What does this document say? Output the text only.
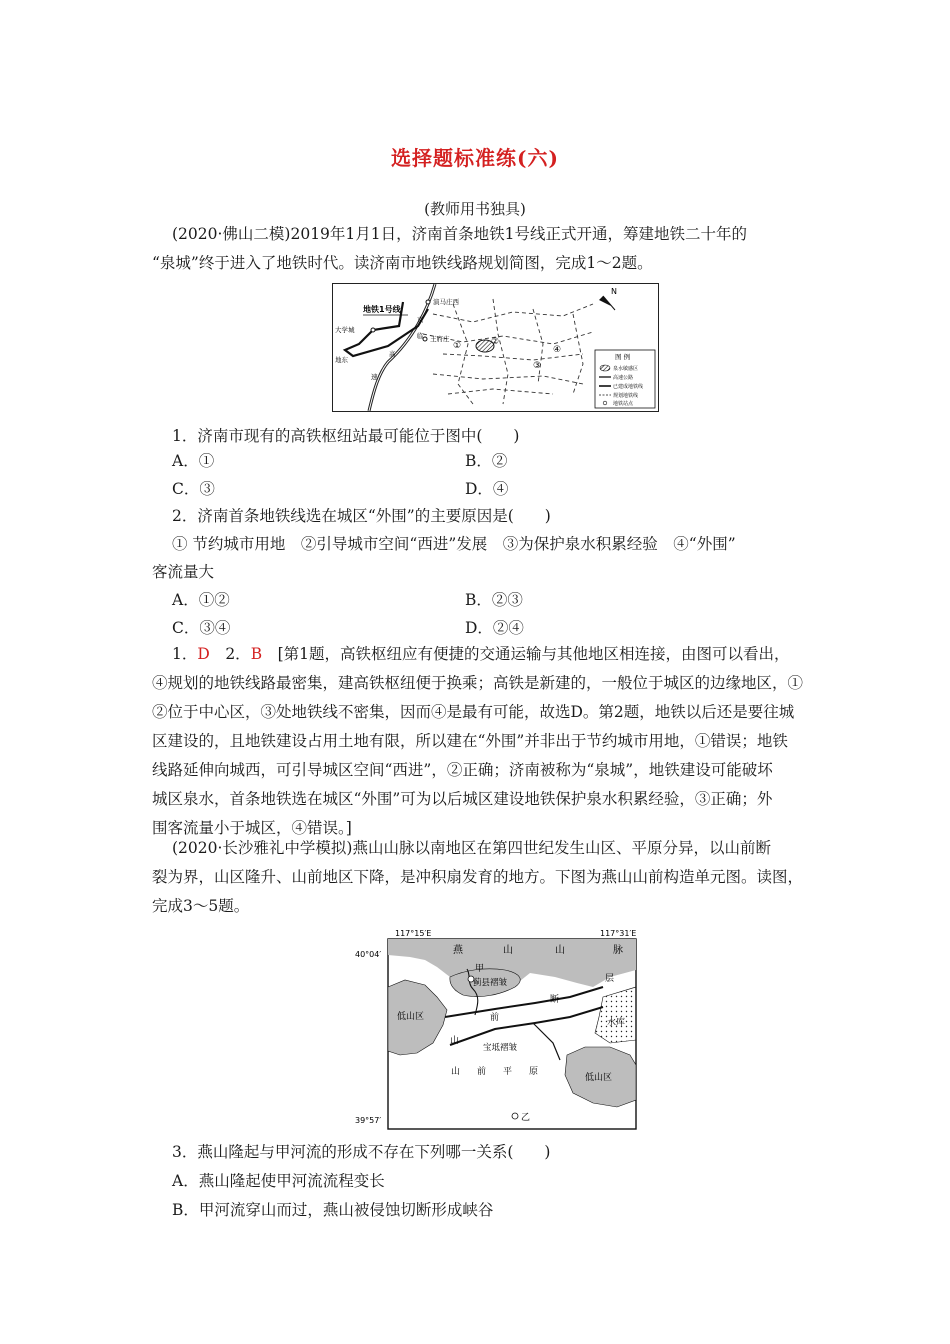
选择题标准练(六)
(教师用书独具)
(2020·佛山二模)2019年1月1日，济南首条地铁1号线正式开通，筹建地铁二十年的
“泉城”终于进入了地铁时代。读济南市地铁线路规划简图，完成1～2题。
地铁1号线
大学城
演马庄西
王府庄
京
临
高
速
地东
①	②
③
④
N
图 例
泉水敏感区
高速公路
已建成地铁线
规划地铁线
地铁站点
1．济南市现有的高铁枢纽站最可能位于图中(　　)
A．①	B．②
C．③	D．④
2．济南首条地铁线选在城区“外围”的主要原因是(　　)
① 节约城市用地　②引导城市空间“西进”发展　③为保护泉水积累经验　④“外围”
客流量大
A．①②	B．②③
C．③④	D．②④
1．D　2．B　[第1题，高铁枢纽应有便捷的交通运输与其他地区相连接，由图可以看出，
④规划的地铁线路最密集，建高铁枢纽便于换乘；高铁是新建的，一般位于城区的边缘地区，①
②位于中心区，③处地铁线不密集，因而④是最有可能，故选D。第2题，地铁以后还是要往城
区建设的，且地铁建设占用土地有限，所以建在“外围”并非出于节约城市用地，①错误；地铁
线路延伸向城西，可引导城区空间“西进”，②正确；济南被称为“泉城”，地铁建设可能破坏
城区泉水，首条地铁选在城区“外围”可为以后城区建设地铁保护泉水积累经验，③正确；外
围客流量小于城区，④错误。]
(2020·长沙雅礼中学模拟)燕山山脉以南地区在第四世纪发生山区、平原分异，以山前断
裂为界，山区隆升、山前地区下降，是冲积扇发育的地方。下图为燕山山前构造单元图。读图，
完成3～5题。
117°15′E	117°31′E
40°04′
39°57′
燕	山	山	脉
甲
蓟县褶皱
断
层
前
山
低山区
低山区
水库
宝坻褶皱
山 前 平 原
乙
3．燕山隆起与甲河流的形成不存在下列哪一关系(　　)
A．燕山隆起使甲河流流程变长
B．甲河流穿山而过，燕山被侵蚀切断形成峡谷
